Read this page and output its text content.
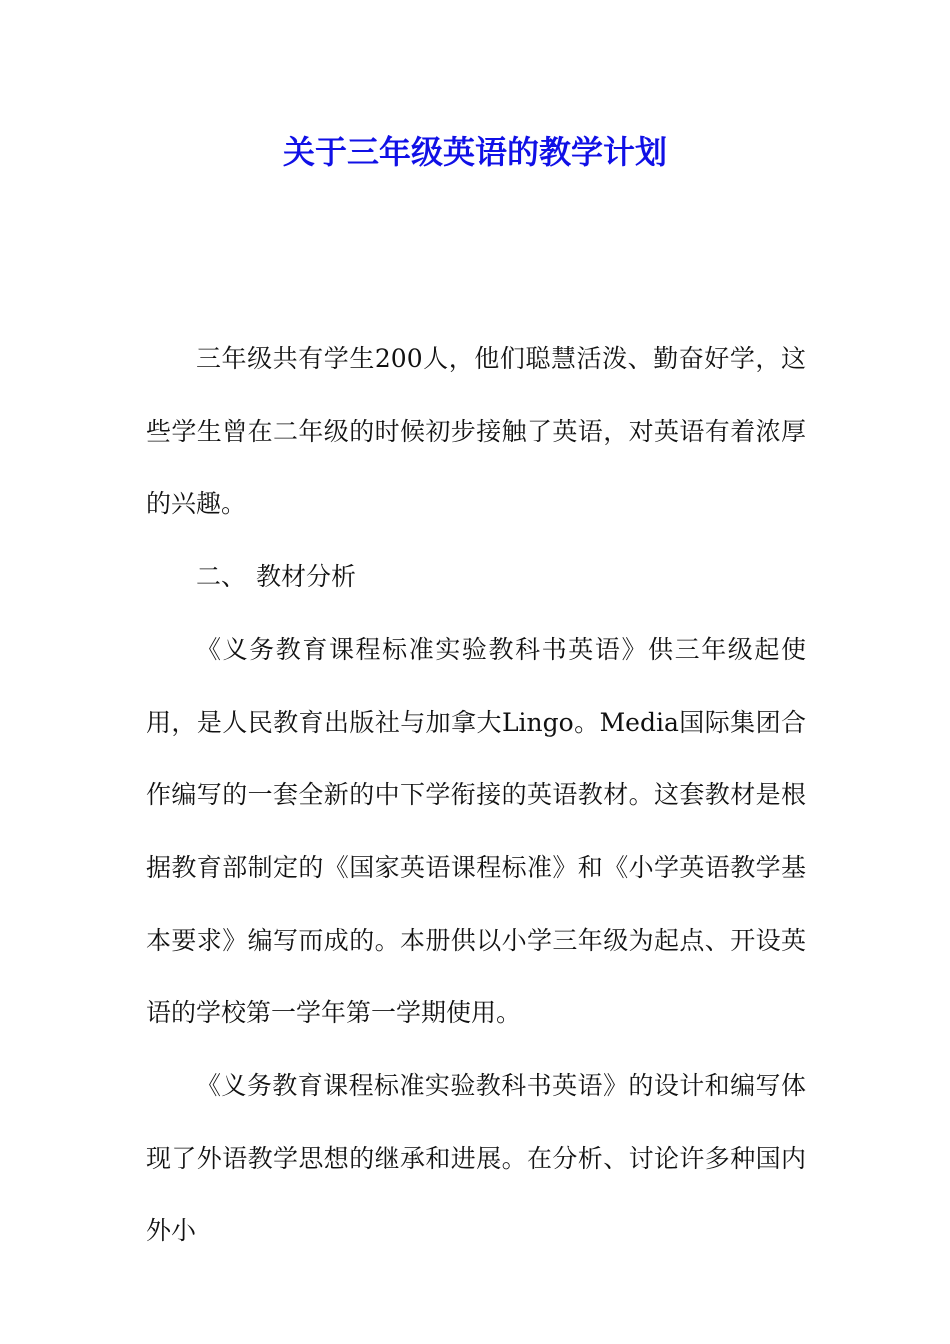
关于三年级英语的教学计划

三年级共有学生200人，他们聪慧活泼、勤奋好学，这些学生曾在二年级的时候初步接触了英语，对英语有着浓厚的兴趣。

二、 教材分析

《义务教育课程标准实验教科书英语》供三年级起使用，是人民教育出版社与加拿大Lingo。Media国际集团合作编写的一套全新的中下学衔接的英语教材。这套教材是根据教育部制定的《国家英语课程标准》和《小学英语教学基本要求》编写而成的。本册供以小学三年级为起点、开设英语的学校第一学年第一学期使用。

《义务教育课程标准实验教科书英语》的设计和编写体现了外语教学思想的继承和进展。在分析、讨论许多种国内外小
